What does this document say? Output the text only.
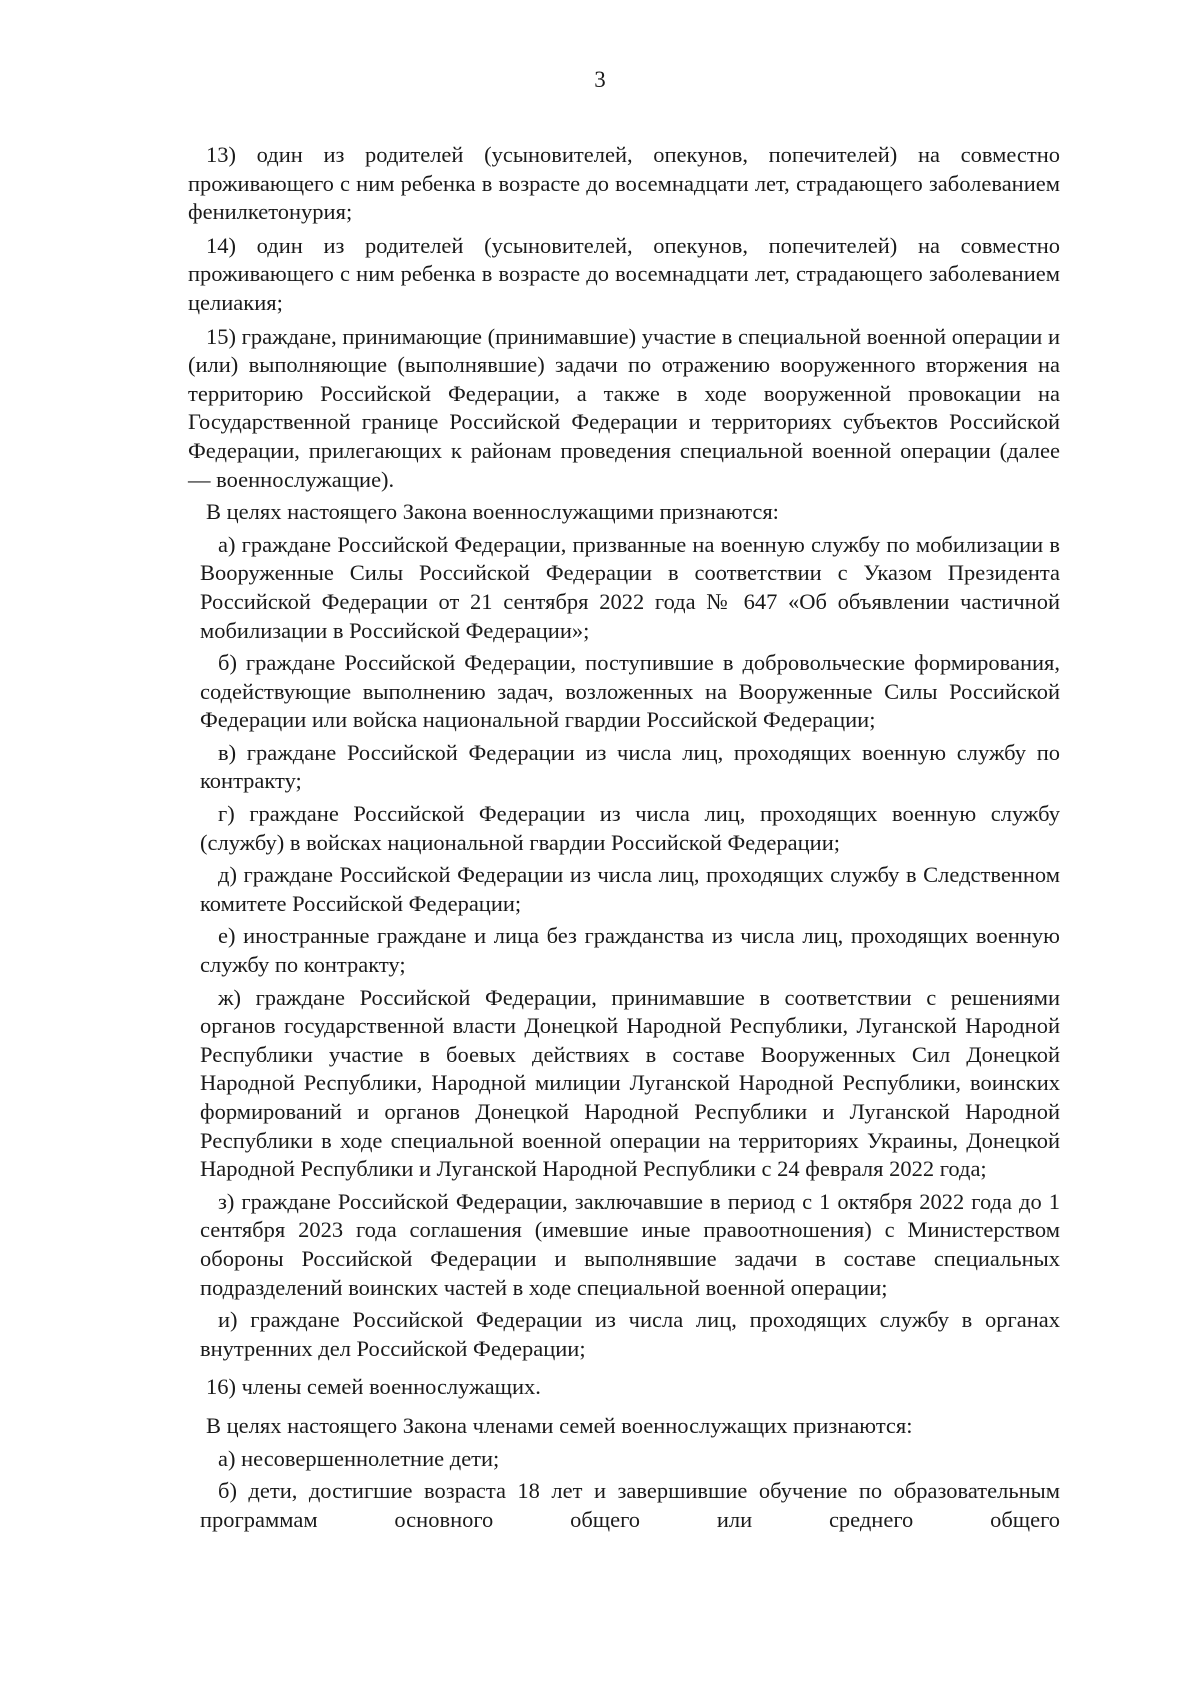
3

13) один из родителей (усыновителей, опекунов, попечителей) на совместно проживающего с ним ребенка в возрасте до восемнадцати лет, страдающего заболеванием фенилкетонурия;

14) один из родителей (усыновителей, опекунов, попечителей) на совместно проживающего с ним ребенка в возрасте до восемнадцати лет, страдающего заболеванием целиакия;

15) граждане, принимающие (принимавшие) участие в специальной военной операции и (или) выполняющие (выполнявшие) задачи по отражению вооруженного вторжения на территорию Российской Федерации, а также в ходе вооруженной провокации на Государственной границе Российской Федерации и территориях субъектов Российской Федерации, прилегающих к районам проведения специальной военной операции (далее — военнослужащие).

В целях настоящего Закона военнослужащими признаются:

а) граждане Российской Федерации, призванные на военную службу по мобилизации в Вооруженные Силы Российской Федерации в соответствии с Указом Президента Российской Федерации от 21 сентября 2022 года № 647 «Об объявлении частичной мобилизации в Российской Федерации»;

б) граждане Российской Федерации, поступившие в добровольческие формирования, содействующие выполнению задач, возложенных на Вооруженные Силы Российской Федерации или войска национальной гвардии Российской Федерации;

в) граждане Российской Федерации из числа лиц, проходящих военную службу по контракту;

г) граждане Российской Федерации из числа лиц, проходящих военную службу (службу) в войсках национальной гвардии Российской Федерации;

д) граждане Российской Федерации из числа лиц, проходящих службу в Следственном комитете Российской Федерации;

е) иностранные граждане и лица без гражданства из числа лиц, проходящих военную службу по контракту;

ж) граждане Российской Федерации, принимавшие в соответствии с решениями органов государственной власти Донецкой Народной Республики, Луганской Народной Республики участие в боевых действиях в составе Вооруженных Сил Донецкой Народной Республики, Народной милиции Луганской Народной Республики, воинских формирований и органов Донецкой Народной Республики и Луганской Народной Республики в ходе специальной военной операции на территориях Украины, Донецкой Народной Республики и Луганской Народной Республики с 24 февраля 2022 года;

з) граждане Российской Федерации, заключавшие в период с 1 октября 2022 года до 1 сентября 2023 года соглашения (имевшие иные правоотношения) с Министерством обороны Российской Федерации и выполнявшие задачи в составе специальных подразделений воинских частей в ходе специальной военной операции;

и) граждане Российской Федерации из числа лиц, проходящих службу в органах внутренних дел Российской Федерации;

16) члены семей военнослужащих.

В целях настоящего Закона членами семей военнослужащих признаются:

а) несовершеннолетние дети;

б) дети, достигшие возраста 18 лет и завершившие обучение по образовательным программам основного общего или среднего общего
